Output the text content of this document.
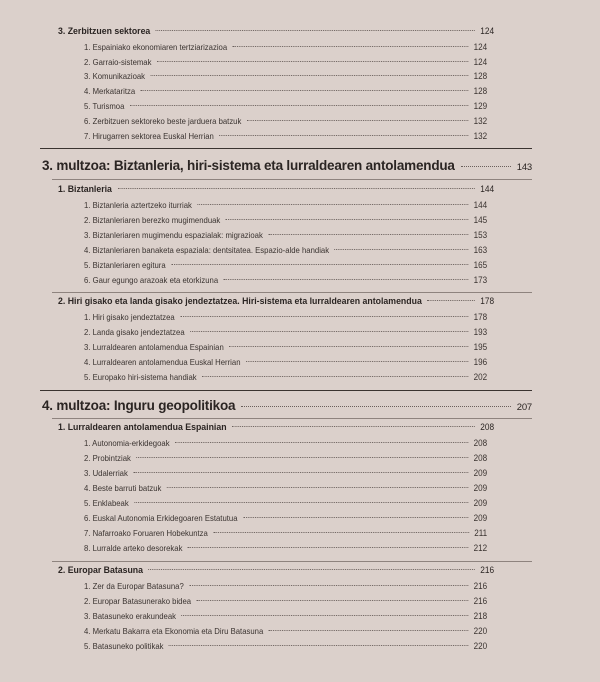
3. Zerbitzuen sektorea	124
1. Espainiako ekonomiaren tertziarizazioa	124
2. Garraio-sistemak	124
3. Komunikazioak	128
4. Merkataritza	128
5. Turismoa	129
6. Zerbitzuen sektoreko beste jarduera batzuk	132
7. Hirugarren sektorea Euskal Herrian	132
3. multzoa: Biztanleria, hiri-sistema eta lurraldearen antolamendua	143
1. Biztanleria	144
1. Biztanleria aztertzeko iturriak	144
2. Biztanleriaren berezko mugimenduak	145
3. Biztanleriaren mugimendu espazialak: migrazioak	153
4. Biztanleriaren banaketa espaziala: dentsitatea. Espazio-alde handiak	163
5. Biztanleriaren egitura	165
6. Gaur egungo arazoak eta etorkizuna	173
2. Hiri gisako eta landa gisako jendeztatzea. Hiri-sistema eta lurraldearen antolamendua	178
1. Hiri gisako jendeztatzea	178
2. Landa gisako jendeztatzea	193
3. Lurraldearen antolamendua Espainian	195
4. Lurraldearen antolamendua Euskal Herrian	196
5. Europako hiri-sistema handiak	202
4. multzoa: Inguru geopolitikoa	207
1. Lurraldearen antolamendua Espainian	208
1. Autonomia-erkidegoak	208
2. Probintziak	208
3. Udalerriak	209
4. Beste barruti batzuk	209
5. Enklabeak	209
6. Euskal Autonomia Erkidegoaren Estatutua	209
7. Nafarroako Foruaren Hobekuntza	211
8. Lurralde arteko desorekak	212
2. Europar Batasuna	216
1. Zer da Europar Batasuna?	216
2. Europar Batasunerako bidea	216
3. Batasuneko erakundeak	218
4. Merkatu Bakarra eta Ekonomia eta Diru Batasuna	220
5. Batasuneko politikak	220
